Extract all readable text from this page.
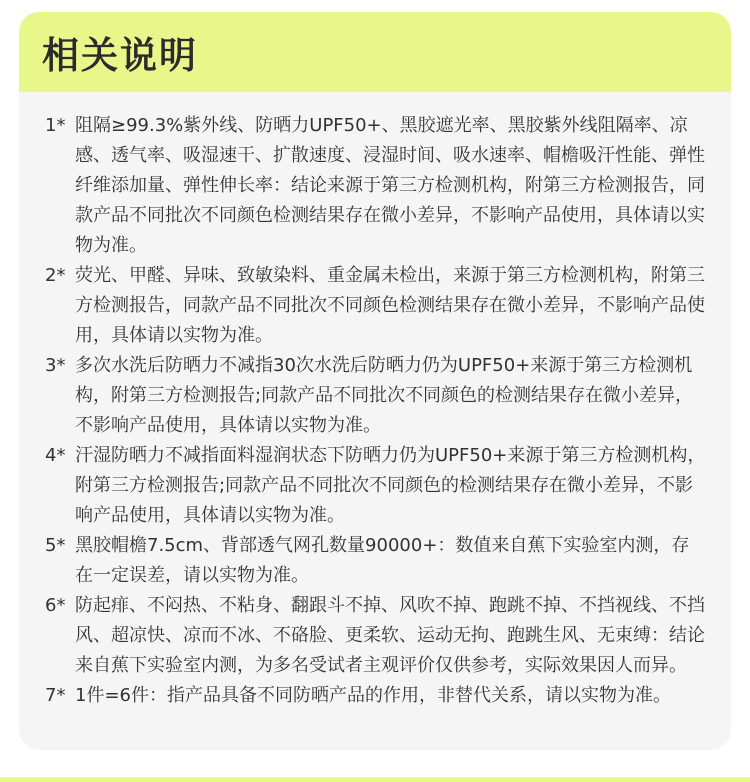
相关说明
1* 阻隔≥99.3%紫外线、防晒力UPF50+、黑胶遮光率、黑胶紫外线阻隔率、凉感、透气率、吸湿速干、扩散速度、浸湿时间、吸水速率、帽檐吸汗性能、弹性纤维添加量、弹性伸长率：结论来源于第三方检测机构，附第三方检测报告，同款产品不同批次不同颜色检测结果存在微小差异，不影响产品使用，具体请以实物为准。
2* 荧光、甲醛、异味、致敏染料、重金属未检出，来源于第三方检测机构，附第三方检测报告，同款产品不同批次不同颜色检测结果存在微小差异，不影响产品使用，具体请以实物为准。
3* 多次水洗后防晒力不减指30次水洗后防晒力仍为UPF50+来源于第三方检测机构，附第三方检测报告;同款产品不同批次不同颜色的检测结果存在微小差异，不影响产品使用，具体请以实物为准。
4* 汗湿防晒力不减指面料湿润状态下防晒力仍为UPF50+来源于第三方检测机构，附第三方检测报告;同款产品不同批次不同颜色的检测结果存在微小差异，不影响产品使用，具体请以实物为准。
5* 黑胶帽檐7.5cm、背部透气网孔数量90000+：数值来自蕉下实验室内测，存在一定误差，请以实物为准。
6* 防起痱、不闷热、不粘身、翻跟斗不掉、风吹不掉、跑跳不掉、不挡视线、不挡风、超凉快、凉而不冰、不硌脸、更柔软、运动无拘、跑跳生风、无束缚：结论来自蕉下实验室内测，为多名受试者主观评价仅供参考，实际效果因人而异。
7* 1件=6件：指产品具备不同防晒产品的作用，非替代关系，请以实物为准。
